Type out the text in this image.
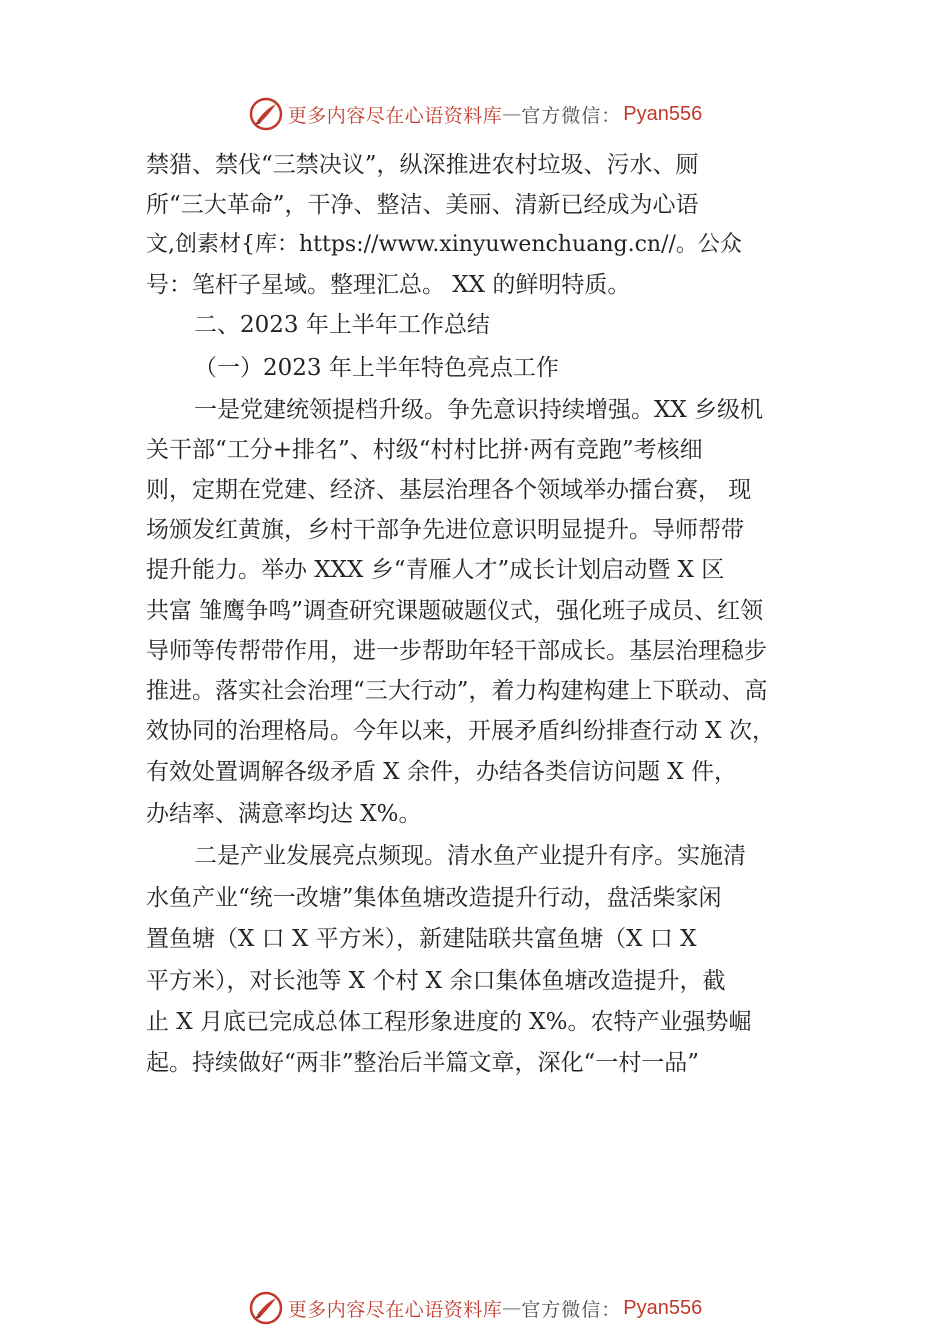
更多内容尽在心语资料库 — 官方微信： Pyan556
禁猎、禁伐“三禁决议”，纵深推进农村垃圾、污水、厕
所“三大革命”，干净、整洁、美丽、清新已经成为心语
文,创素材{库：https://www.xinyuwenchuang.cn//。公众
号：笔杆子星域。整理汇总。 XX 的鲜明特质。
二、2023 年上半年工作总结
（一）2023 年上半年特色亮点工作
一是党建统领提档升级。争先意识持续增强。XX 乡级机
关干部“工分+排名”、村级“村村比拼·两有竞跑”考核细
则，定期在党建、经济、基层治理各个领域举办擂台赛， 现
场颁发红黄旗，乡村干部争先进位意识明显提升。导师帮带
提升能力。举办 XXX 乡“青雁人才”成长计划启动暨 X 区
共富 雏鹰争鸣”调查研究课题破题仪式，强化班子成员、红领
导师等传帮带作用，进一步帮助年轻干部成长。基层治理稳步
推进。落实社会治理“三大行动”，着力构建构建上下联动、高
效协同的治理格局。今年以来，开展矛盾纠纷排查行动 X 次，
有效处置调解各级矛盾 X 余件，办结各类信访问题 X 件，
办结率、满意率均达 X%。
二是产业发展亮点频现。清水鱼产业提升有序。实施清
水鱼产业“统一改塘”集体鱼塘改造提升行动，盘活柴家闲
置鱼塘（X 口 X 平方米），新建陆联共富鱼塘（X 口 X
平方米），对长池等 X 个村 X 余口集体鱼塘改造提升，截
止 X 月底已完成总体工程形象进度的 X%。农特产业强势崛
起。持续做好“两非”整治后半篇文章，深化“一村一品”
更多内容尽在心语资料库 — 官方微信： Pyan556
